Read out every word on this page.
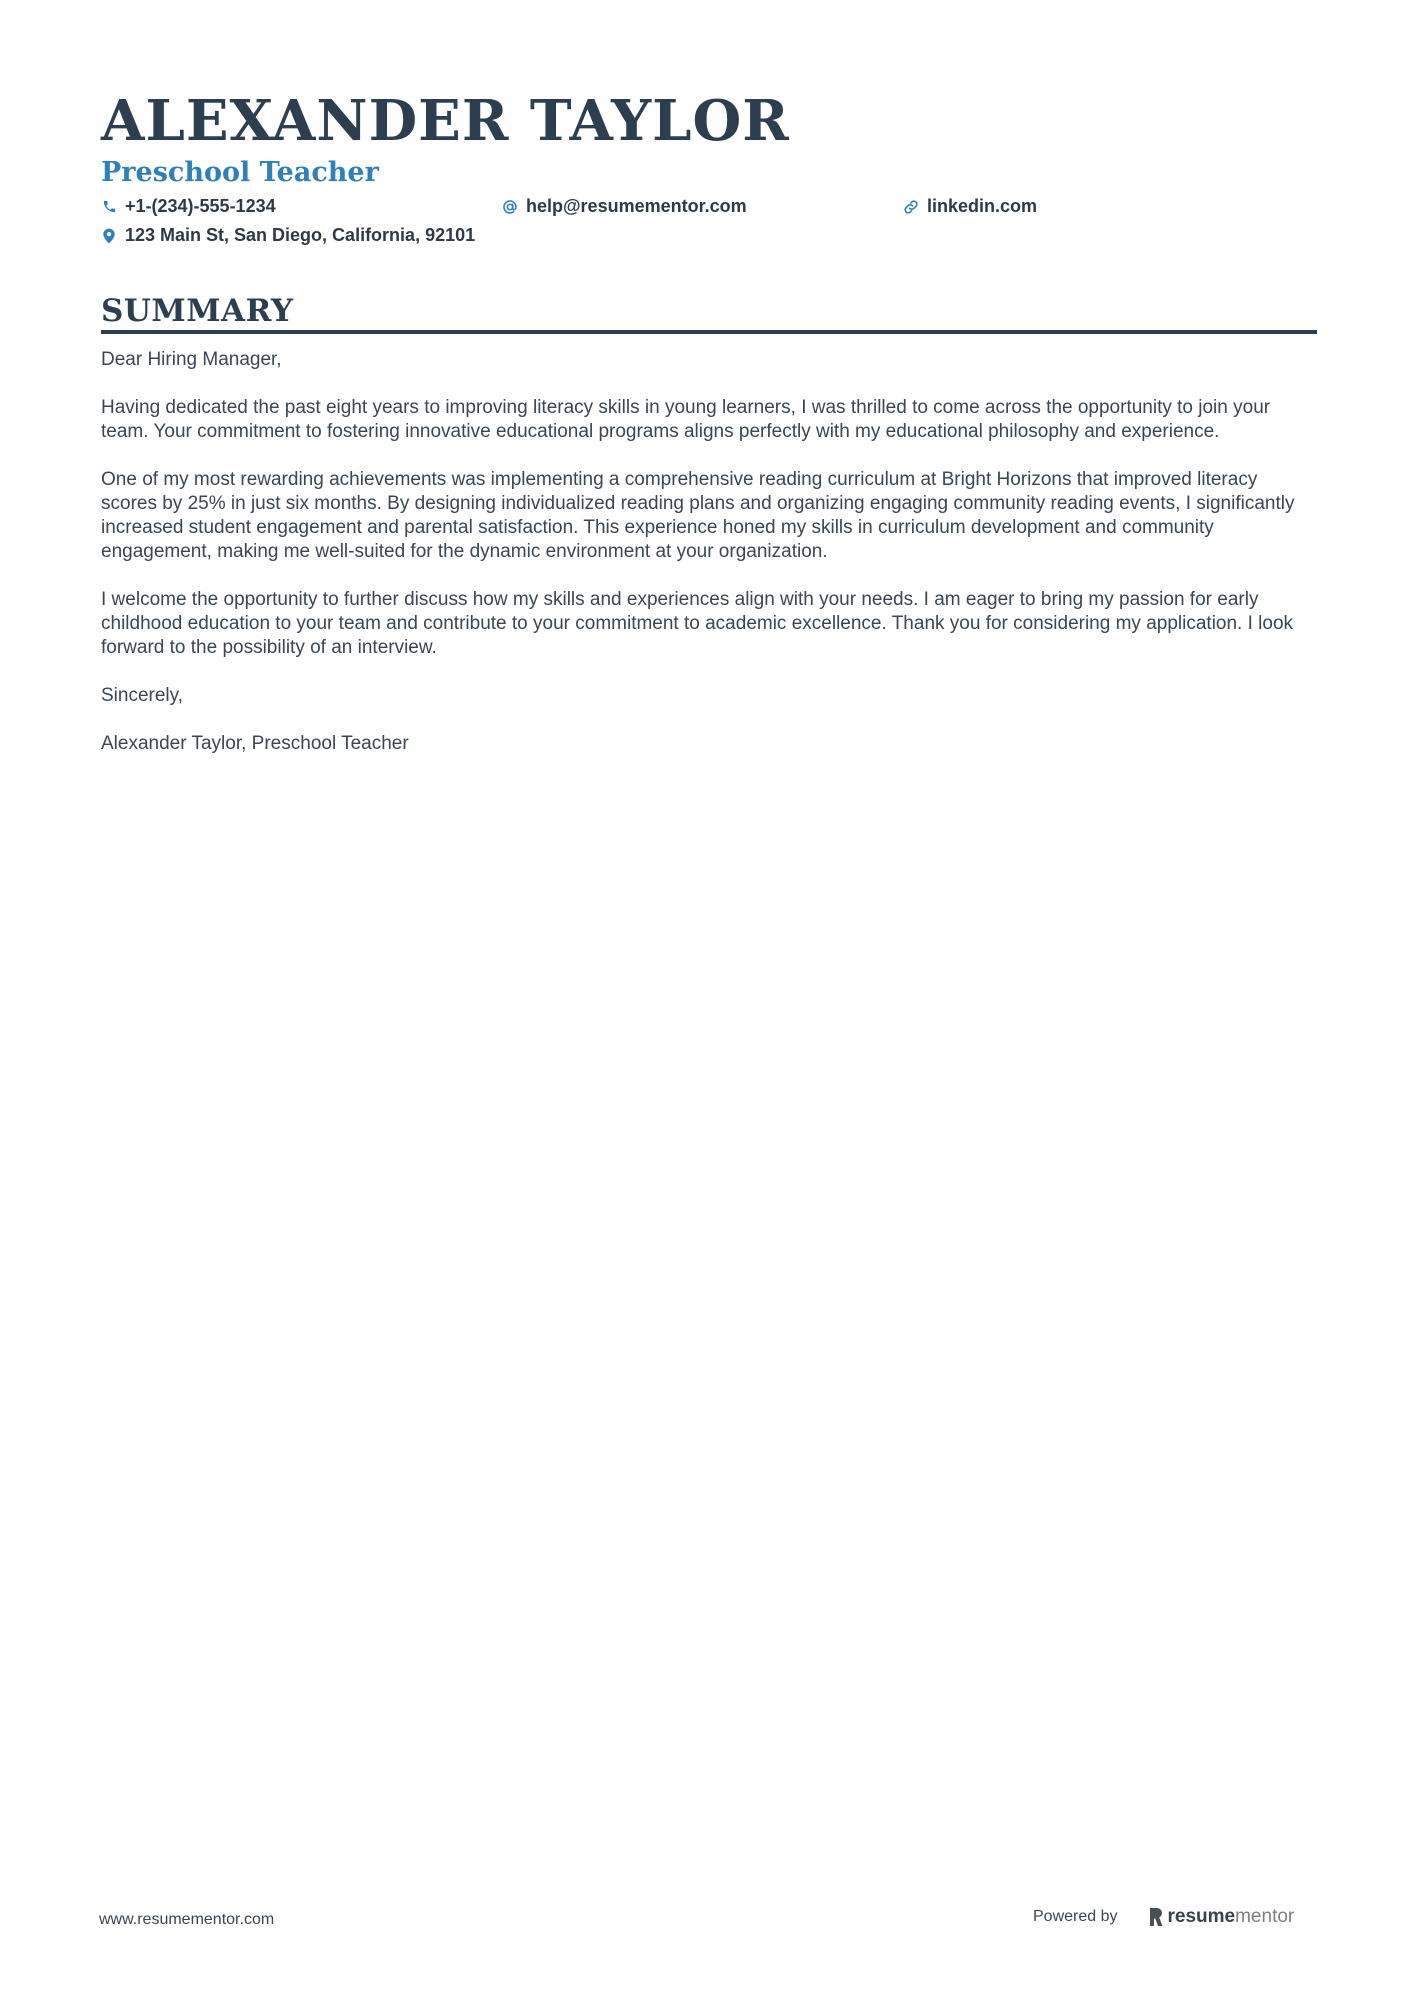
ALEXANDER TAYLOR
Preschool Teacher
+1-(234)-555-1234	help@resumementor.com	linkedin.com
123 Main St, San Diego, California, 92101
SUMMARY

Dear Hiring Manager,

Having dedicated the past eight years to improving literacy skills in young learners, I was thrilled to come across the opportunity to join your team. Your commitment to fostering innovative educational programs aligns perfectly with my educational philosophy and experience.

One of my most rewarding achievements was implementing a comprehensive reading curriculum at Bright Horizons that improved literacy scores by 25% in just six months. By designing individualized reading plans and organizing engaging community reading events, I significantly increased student engagement and parental satisfaction. This experience honed my skills in curriculum development and community engagement, making me well-suited for the dynamic environment at your organization.

I welcome the opportunity to further discuss how my skills and experiences align with your needs. I am eager to bring my passion for early childhood education to your team and contribute to your commitment to academic excellence. Thank you for considering my application. I look forward to the possibility of an interview.

Sincerely,

Alexander Taylor, Preschool Teacher

www.resumementor.com	Powered by	resume mentor
